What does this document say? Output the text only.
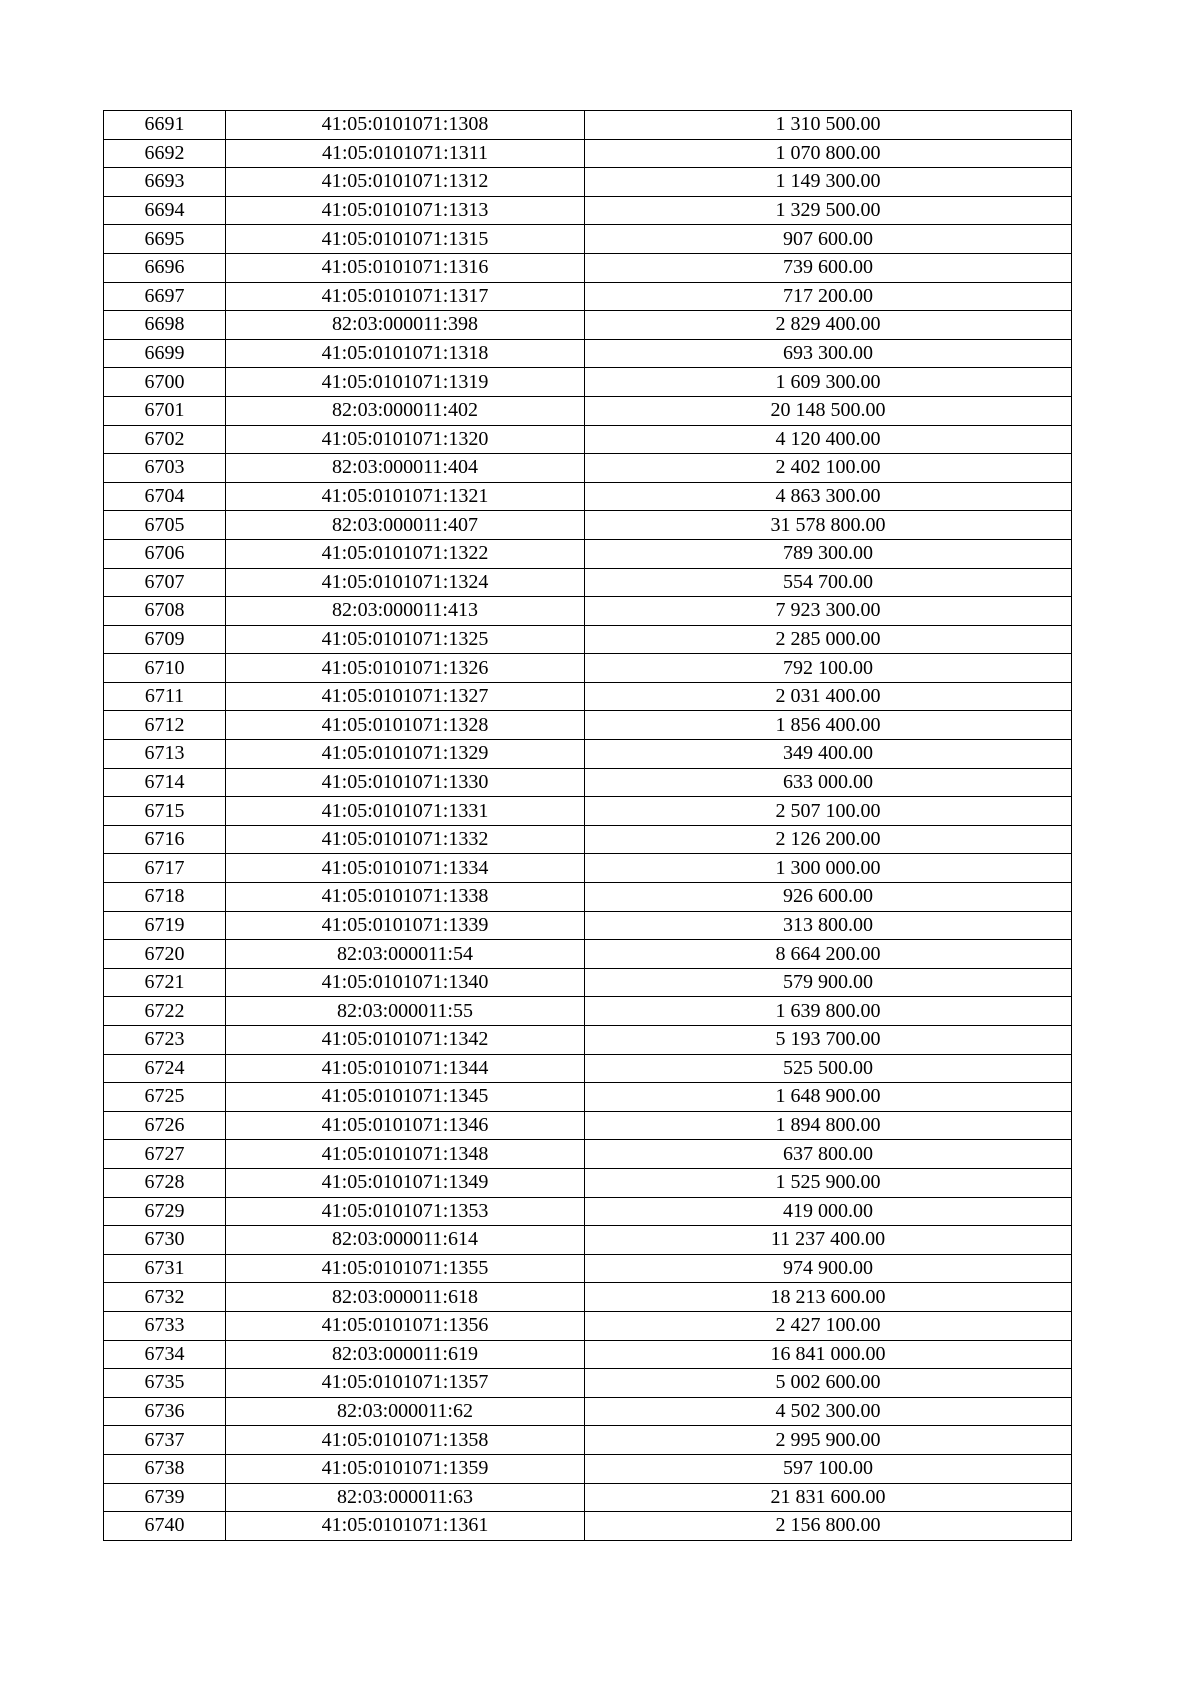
6691	41:05:0101071:1308	1 310 500.00
6692	41:05:0101071:1311	1 070 800.00
6693	41:05:0101071:1312	1 149 300.00
6694	41:05:0101071:1313	1 329 500.00
6695	41:05:0101071:1315	907 600.00
6696	41:05:0101071:1316	739 600.00
6697	41:05:0101071:1317	717 200.00
6698	82:03:000011:398	2 829 400.00
6699	41:05:0101071:1318	693 300.00
6700	41:05:0101071:1319	1 609 300.00
6701	82:03:000011:402	20 148 500.00
6702	41:05:0101071:1320	4 120 400.00
6703	82:03:000011:404	2 402 100.00
6704	41:05:0101071:1321	4 863 300.00
6705	82:03:000011:407	31 578 800.00
6706	41:05:0101071:1322	789 300.00
6707	41:05:0101071:1324	554 700.00
6708	82:03:000011:413	7 923 300.00
6709	41:05:0101071:1325	2 285 000.00
6710	41:05:0101071:1326	792 100.00
6711	41:05:0101071:1327	2 031 400.00
6712	41:05:0101071:1328	1 856 400.00
6713	41:05:0101071:1329	349 400.00
6714	41:05:0101071:1330	633 000.00
6715	41:05:0101071:1331	2 507 100.00
6716	41:05:0101071:1332	2 126 200.00
6717	41:05:0101071:1334	1 300 000.00
6718	41:05:0101071:1338	926 600.00
6719	41:05:0101071:1339	313 800.00
6720	82:03:000011:54	8 664 200.00
6721	41:05:0101071:1340	579 900.00
6722	82:03:000011:55	1 639 800.00
6723	41:05:0101071:1342	5 193 700.00
6724	41:05:0101071:1344	525 500.00
6725	41:05:0101071:1345	1 648 900.00
6726	41:05:0101071:1346	1 894 800.00
6727	41:05:0101071:1348	637 800.00
6728	41:05:0101071:1349	1 525 900.00
6729	41:05:0101071:1353	419 000.00
6730	82:03:000011:614	11 237 400.00
6731	41:05:0101071:1355	974 900.00
6732	82:03:000011:618	18 213 600.00
6733	41:05:0101071:1356	2 427 100.00
6734	82:03:000011:619	16 841 000.00
6735	41:05:0101071:1357	5 002 600.00
6736	82:03:000011:62	4 502 300.00
6737	41:05:0101071:1358	2 995 900.00
6738	41:05:0101071:1359	597 100.00
6739	82:03:000011:63	21 831 600.00
6740	41:05:0101071:1361	2 156 800.00
